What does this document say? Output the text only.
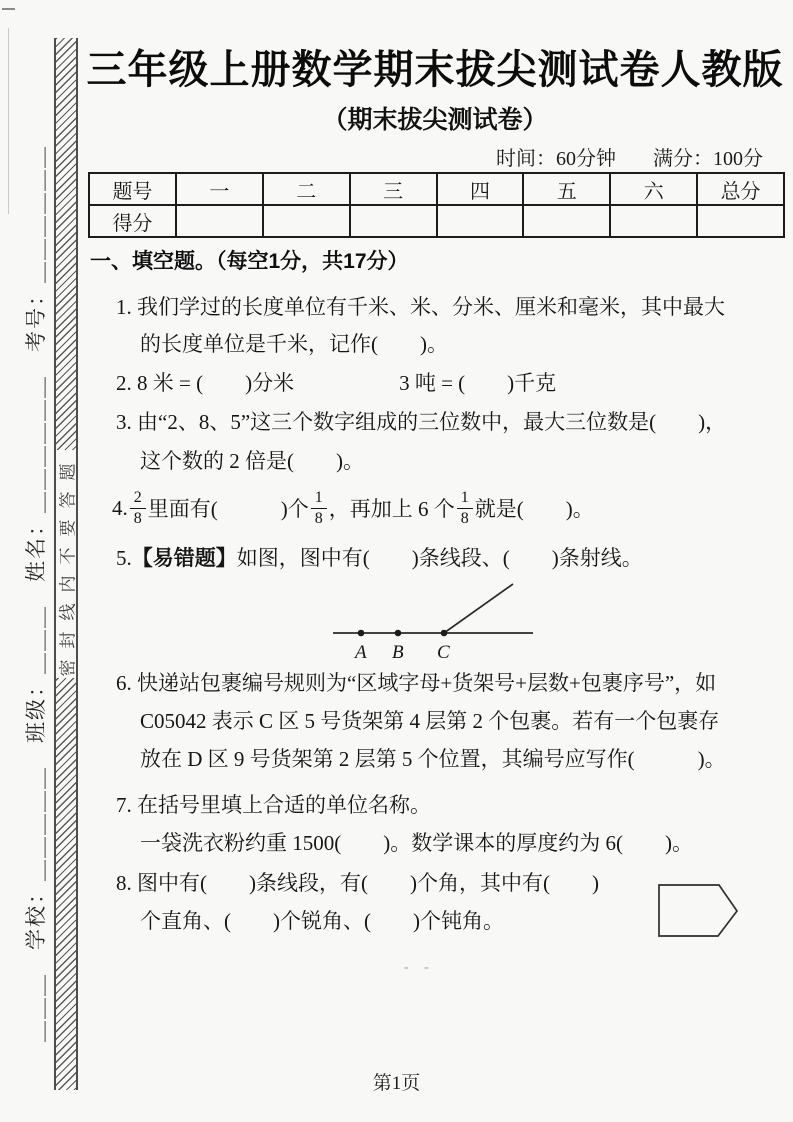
＿＿＿　学校：＿＿＿＿＿　班级：＿＿＿　姓名：＿＿＿＿＿＿　考号：＿＿＿＿＿＿ 密封线内不要答题
三年级上册数学期末拔尖测试卷人教版
（期末拔尖测试卷）
时间：60分钟 满分：100分
题号	一	二	三	四	五	六	总分
得分							
一、填空题。（每空1分，共17分）
1. 我们学过的长度单位有千米、米、分米、厘米和毫米，其中最大
的长度单位是千米，记作(　　)。
2. 8 米 = (　　)分米　　　　　3 吨 = (　　)千克
3. 由“2、8、5”这三个数字组成的三位数中，最大三位数是(　　)，
这个数的 2 倍是(　　)。
4. $\frac{2}{8}$ 里面有(　　　)个 $\frac{1}{8}$ ，再加上 6 个 $\frac{1}{8}$ 就是(　　)。
5.【易错题】如图，图中有(　　)条线段、(　　)条射线。
A B C
6. 快递站包裹编号规则为“区域字母+货架号+层数+包裹序号”，如
C05042 表示 C 区 5 号货架第 4 层第 2 个包裹。若有一个包裹存
放在 D 区 9 号货架第 2 层第 5 个位置，其编号应写作(　　　)。
7. 在括号里填上合适的单位名称。
一袋洗衣粉约重 1500(　　)。数学课本的厚度约为 6(　　)。
8. 图中有(　　)条线段，有(　　)个角，其中有(　　)
个直角、(　　)个锐角、(　　)个钝角。
- -
第1页
